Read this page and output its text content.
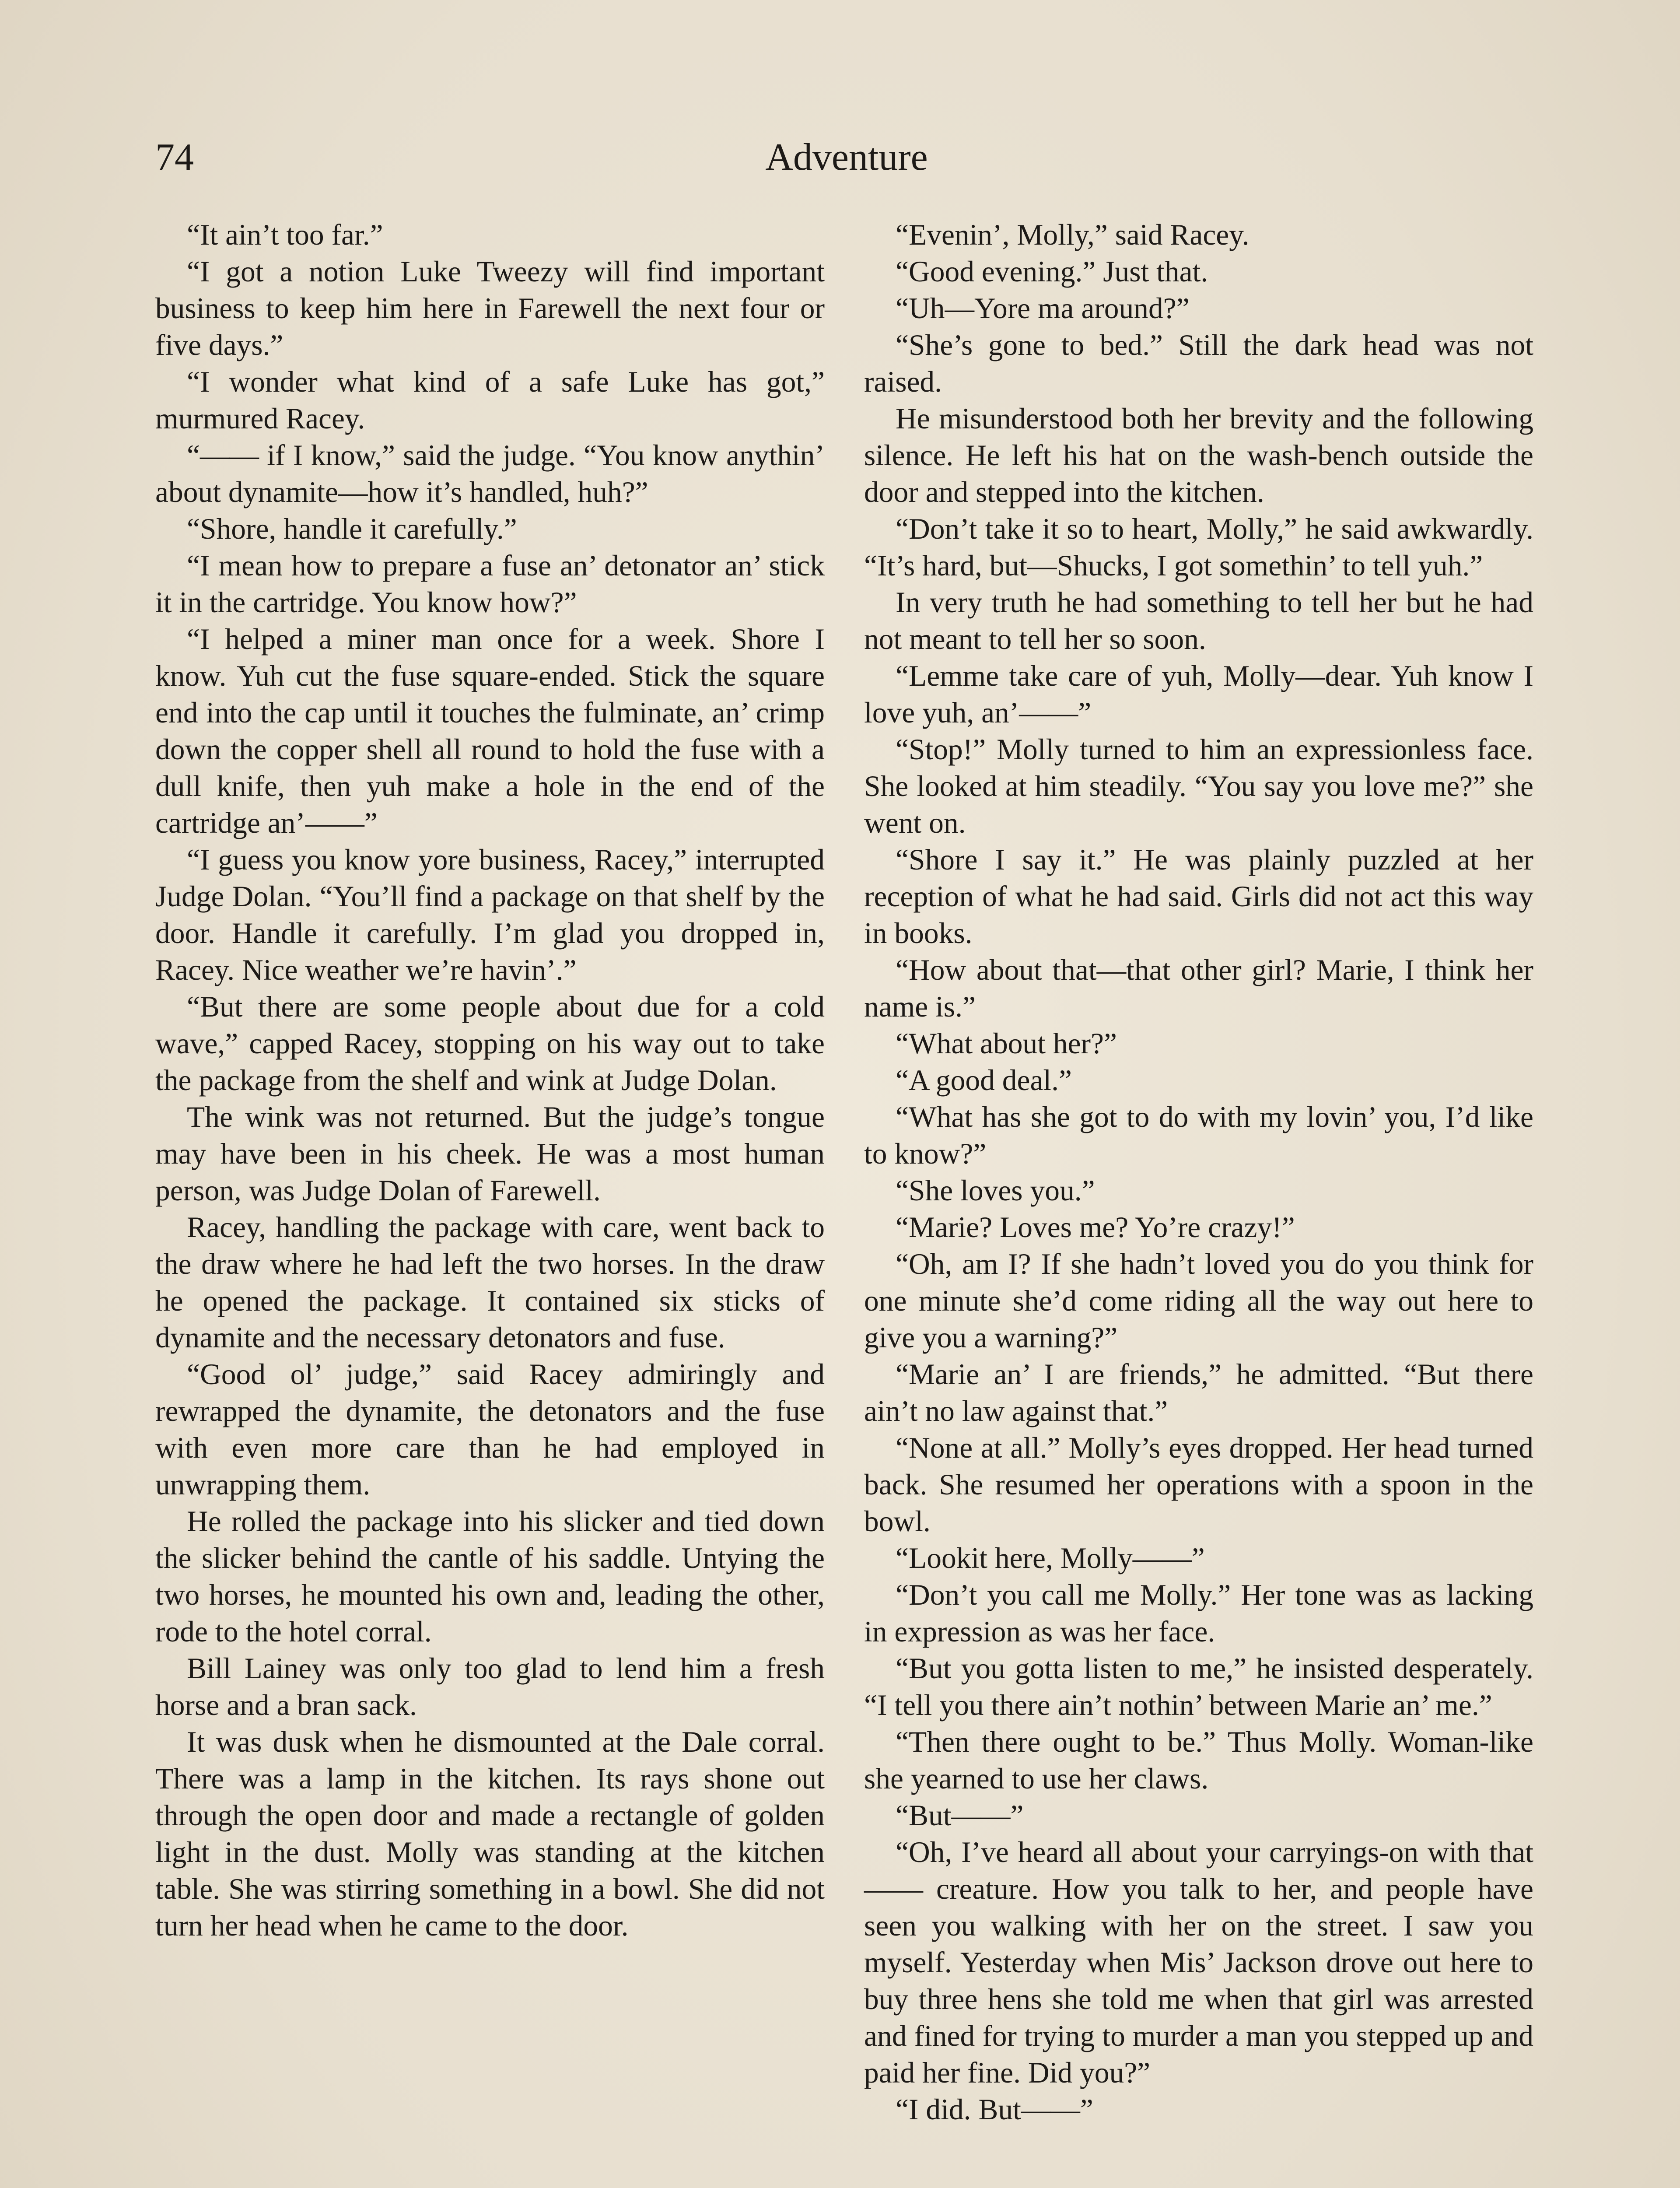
74	Adventure

“It ain’t too far.”

“I got a notion Luke Tweezy will find important business to keep him here in Farewell the next four or five days.”

“I wonder what kind of a safe Luke has got,” murmured Racey.

“—— if I know,” said the judge. “You know anythin’ about dynamite—how it’s handled, huh?”

“Shore, handle it carefully.”

“I mean how to prepare a fuse an’ detonator an’ stick it in the cartridge. You know how?”

“I helped a miner man once for a week. Shore I know. Yuh cut the fuse square-ended. Stick the square end into the cap until it touches the fulminate, an’ crimp down the copper shell all round to hold the fuse with a dull knife, then yuh make a hole in the end of the cartridge an’——”

“I guess you know yore business, Racey,” interrupted Judge Dolan. “You’ll find a package on that shelf by the door. Handle it carefully. I’m glad you dropped in, Racey. Nice weather we’re havin’.”

“But there are some people about due for a cold wave,” capped Racey, stopping on his way out to take the package from the shelf and wink at Judge Dolan.

The wink was not returned. But the judge’s tongue may have been in his cheek. He was a most human person, was Judge Dolan of Farewell.

Racey, handling the package with care, went back to the draw where he had left the two horses. In the draw he opened the package. It contained six sticks of dynamite and the necessary detonators and fuse.

“Good ol’ judge,” said Racey admiringly and rewrapped the dynamite, the detonators and the fuse with even more care than he had employed in unwrapping them.

He rolled the package into his slicker and tied down the slicker behind the cantle of his saddle. Untying the two horses, he mounted his own and, leading the other, rode to the hotel corral.

Bill Lainey was only too glad to lend him a fresh horse and a bran sack.

It was dusk when he dismounted at the Dale corral. There was a lamp in the kitchen. Its rays shone out through the open door and made a rectangle of golden light in the dust. Molly was standing at the kitchen table. She was stirring something in a bowl. She did not turn her head when he came to the door.

“Evenin’, Molly,” said Racey.

“Good evening.” Just that.

“Uh—Yore ma around?”

“She’s gone to bed.” Still the dark head was not raised.

He misunderstood both her brevity and the following silence. He left his hat on the wash-bench outside the door and stepped into the kitchen.

“Don’t take it so to heart, Molly,” he said awkwardly. “It’s hard, but—Shucks, I got somethin’ to tell yuh.”

In very truth he had something to tell her but he had not meant to tell her so soon.

“Lemme take care of yuh, Molly—dear. Yuh know I love yuh, an’——”

“Stop!” Molly turned to him an expressionless face. She looked at him steadily. “You say you love me?” she went on.

“Shore I say it.” He was plainly puzzled at her reception of what he had said. Girls did not act this way in books.

“How about that—that other girl? Marie, I think her name is.”

“What about her?”

“A good deal.”

“What has she got to do with my lovin’ you, I’d like to know?”

“She loves you.”

“Marie? Loves me? Yo’re crazy!”

“Oh, am I? If she hadn’t loved you do you think for one minute she’d come riding all the way out here to give you a warning?”

“Marie an’ I are friends,” he admitted. “But there ain’t no law against that.”

“None at all.” Molly’s eyes dropped. Her head turned back. She resumed her operations with a spoon in the bowl.

“Lookit here, Molly——”

“Don’t you call me Molly.” Her tone was as lacking in expression as was her face.

“But you gotta listen to me,” he insisted desperately. “I tell you there ain’t nothin’ between Marie an’ me.”

“Then there ought to be.” Thus Molly. Woman-like she yearned to use her claws.

“But——”

“Oh, I’ve heard all about your carryings-on with that —— creature. How you talk to her, and people have seen you walking with her on the street. I saw you myself. Yesterday when Mis’ Jackson drove out here to buy three hens she told me when that girl was arrested and fined for trying to murder a man you stepped up and paid her fine. Did you?”

“I did. But——”
